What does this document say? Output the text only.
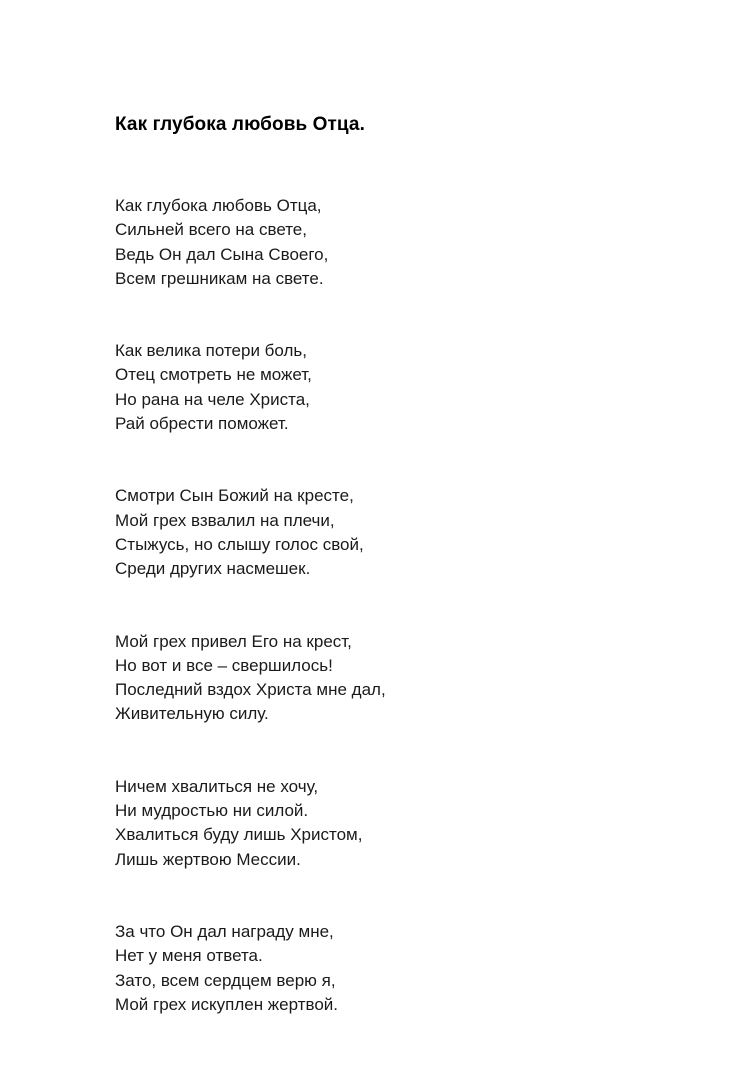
Как глубока любовь Отца.
Как глубока любовь Отца,
Сильней всего на свете,
Ведь Он дал Сына Своего,
Всем грешникам на свете.
Как велика потери боль,
Отец смотреть не может,
Но рана на челе Христа,
Рай обрести поможет.
Смотри Сын Божий на кресте,
Мой грех взвалил на плечи,
Стыжусь, но слышу голос свой,
Среди других насмешек.
Мой грех привел Его на крест,
Но вот и все – свершилось!
Последний вздох Христа мне дал,
Живительную силу.
Ничем хвалиться не хочу,
Ни мудростью ни силой.
Хвалиться буду лишь Христом,
Лишь жертвою Мессии.
За что Он дал награду мне,
Нет у меня ответа.
Зато, всем сердцем верю я,
Мой грех искуплен жертвой.
